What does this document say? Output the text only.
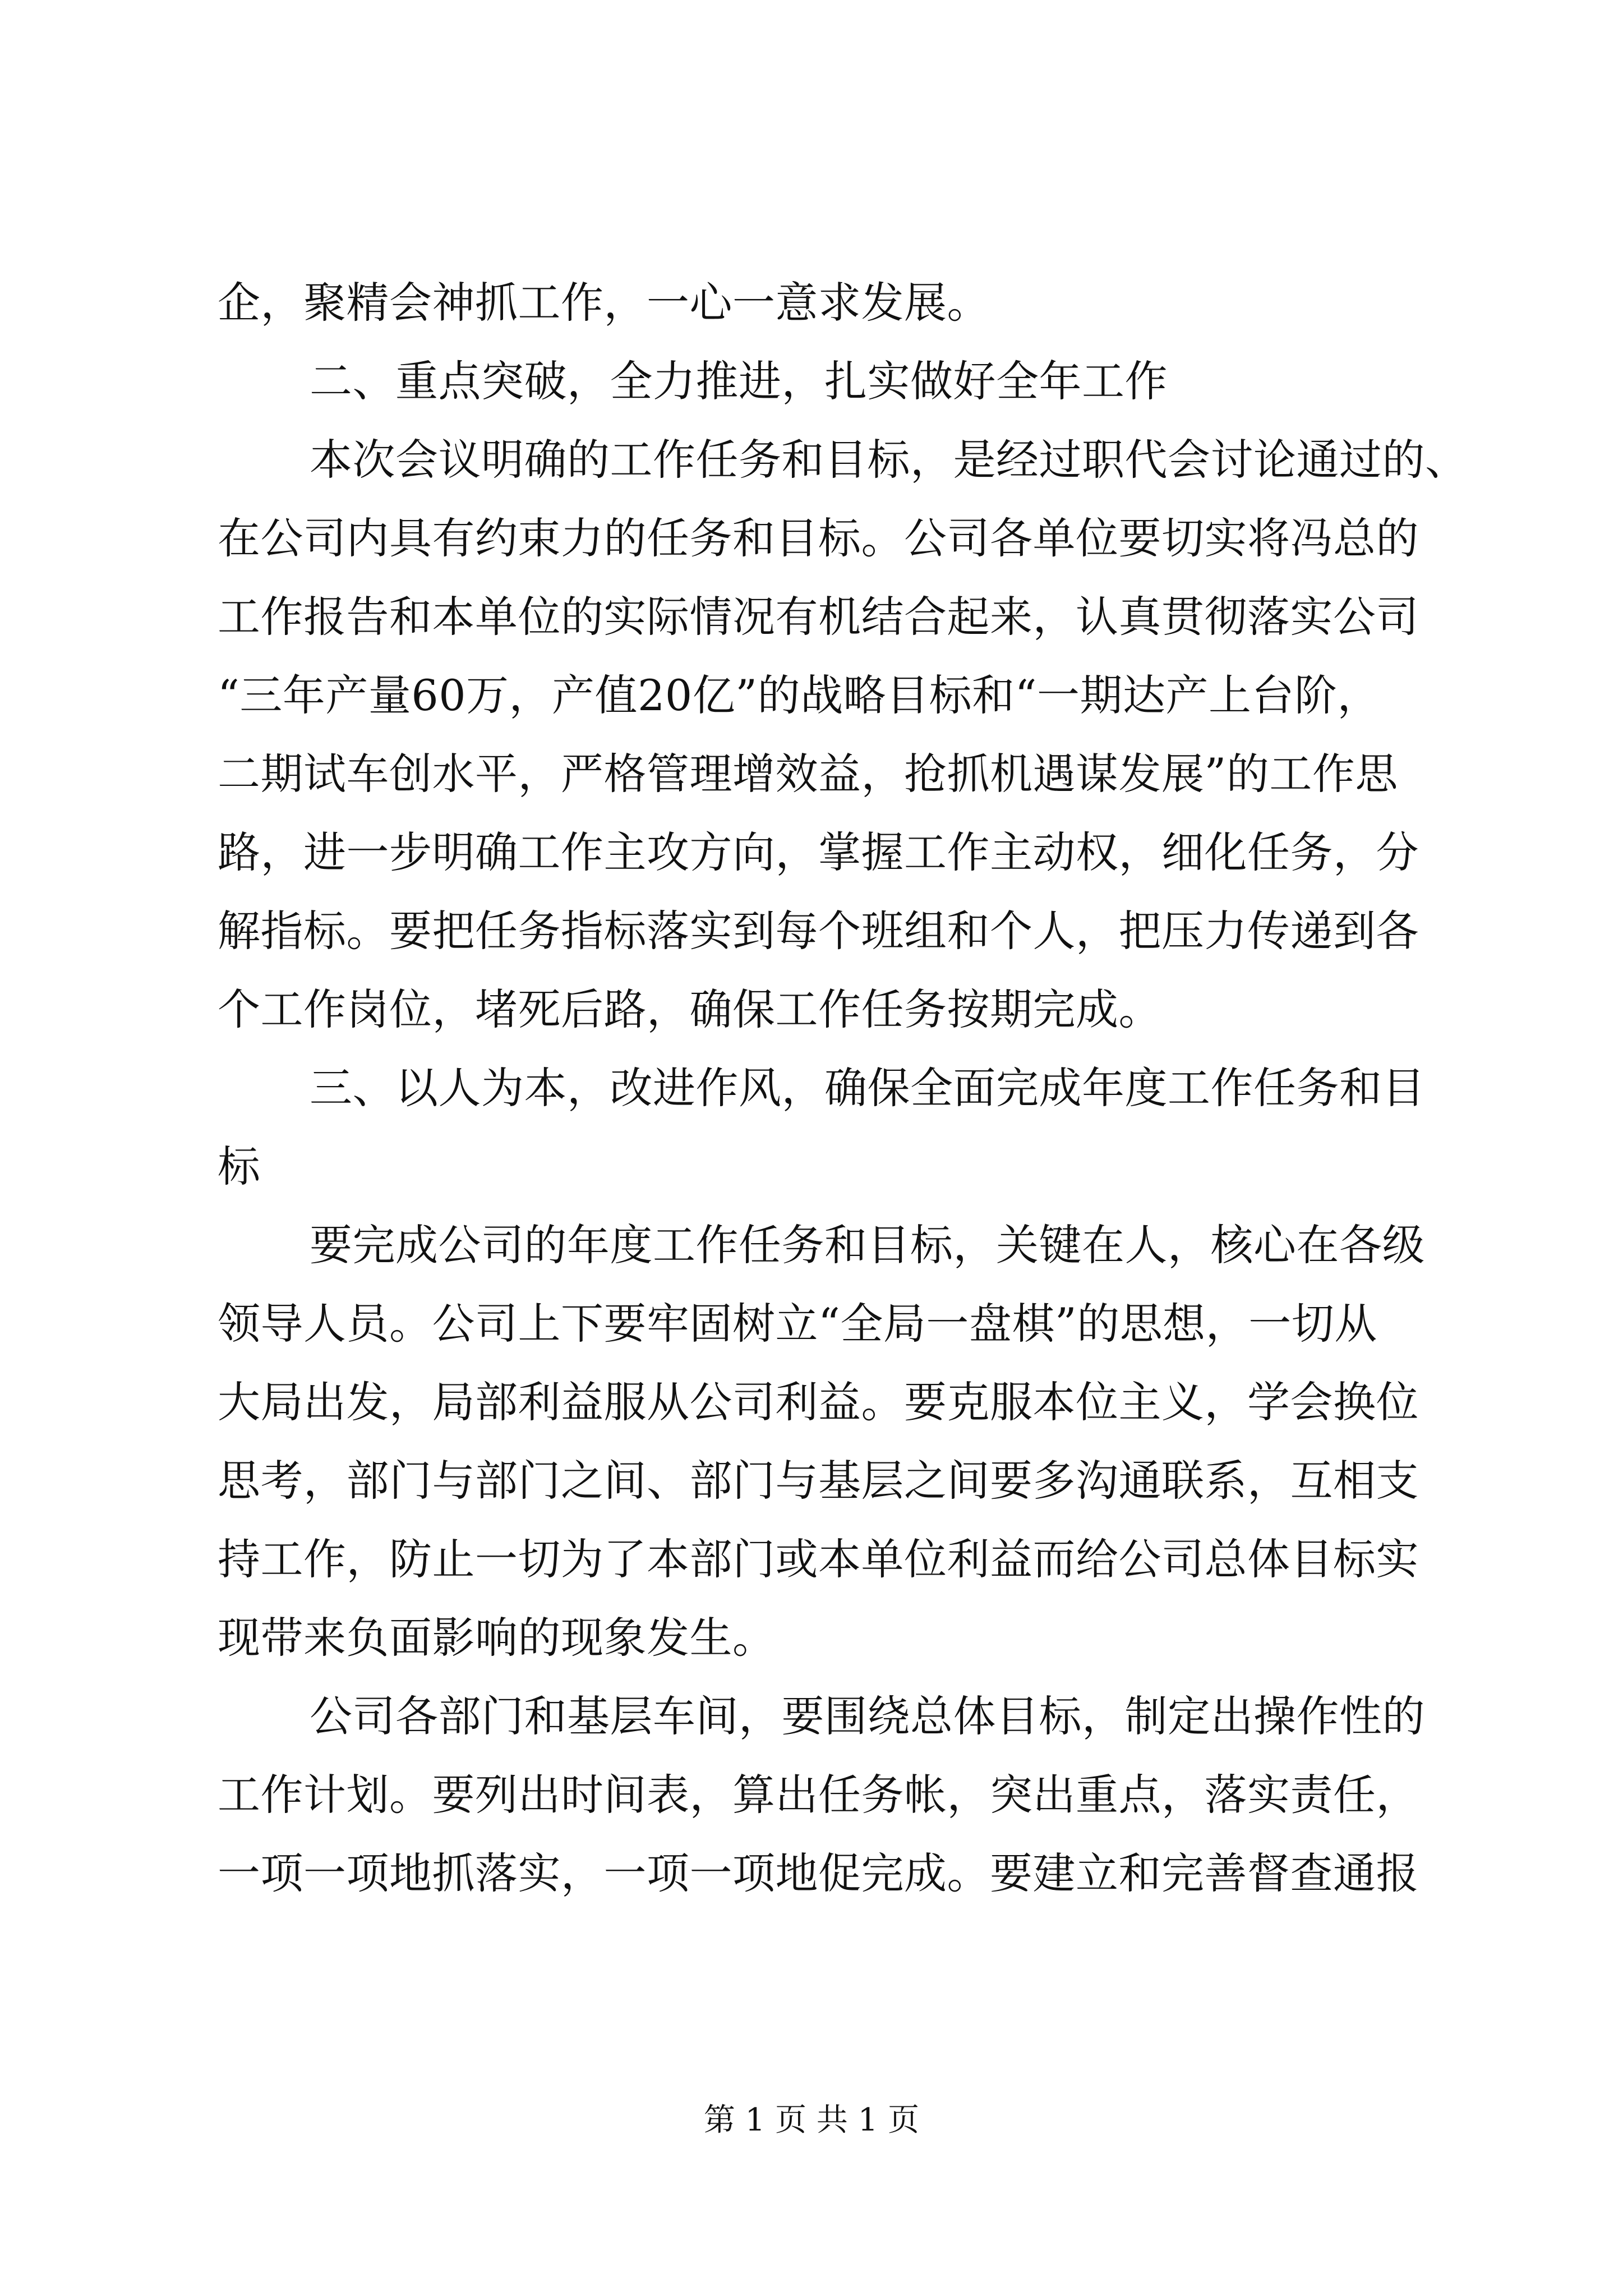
企，聚精会神抓工作，一心一意求发展。
二、重点突破，全力推进，扎实做好全年工作
本次会议明确的工作任务和目标，是经过职代会讨论通过的、
在公司内具有约束力的任务和目标。公司各单位要切实将冯总的
工作报告和本单位的实际情况有机结合起来，认真贯彻落实公司
“三年产量60万，产值20亿”的战略目标和“一期达产上台阶，
二期试车创水平，严格管理增效益，抢抓机遇谋发展”的工作思
路，进一步明确工作主攻方向，掌握工作主动权，细化任务，分
解指标。要把任务指标落实到每个班组和个人，把压力传递到各
个工作岗位，堵死后路，确保工作任务按期完成。
三、以人为本，改进作风，确保全面完成年度工作任务和目
标
要完成公司的年度工作任务和目标，关键在人，核心在各级
领导人员。公司上下要牢固树立“全局一盘棋”的思想，一切从
大局出发，局部利益服从公司利益。要克服本位主义，学会换位
思考，部门与部门之间、部门与基层之间要多沟通联系，互相支
持工作，防止一切为了本部门或本单位利益而给公司总体目标实
现带来负面影响的现象发生。
公司各部门和基层车间，要围绕总体目标，制定出操作性的
工作计划。要列出时间表，算出任务帐，突出重点，落实责任，
一项一项地抓落实，一项一项地促完成。要建立和完善督查通报
第 1 页 共 1 页
